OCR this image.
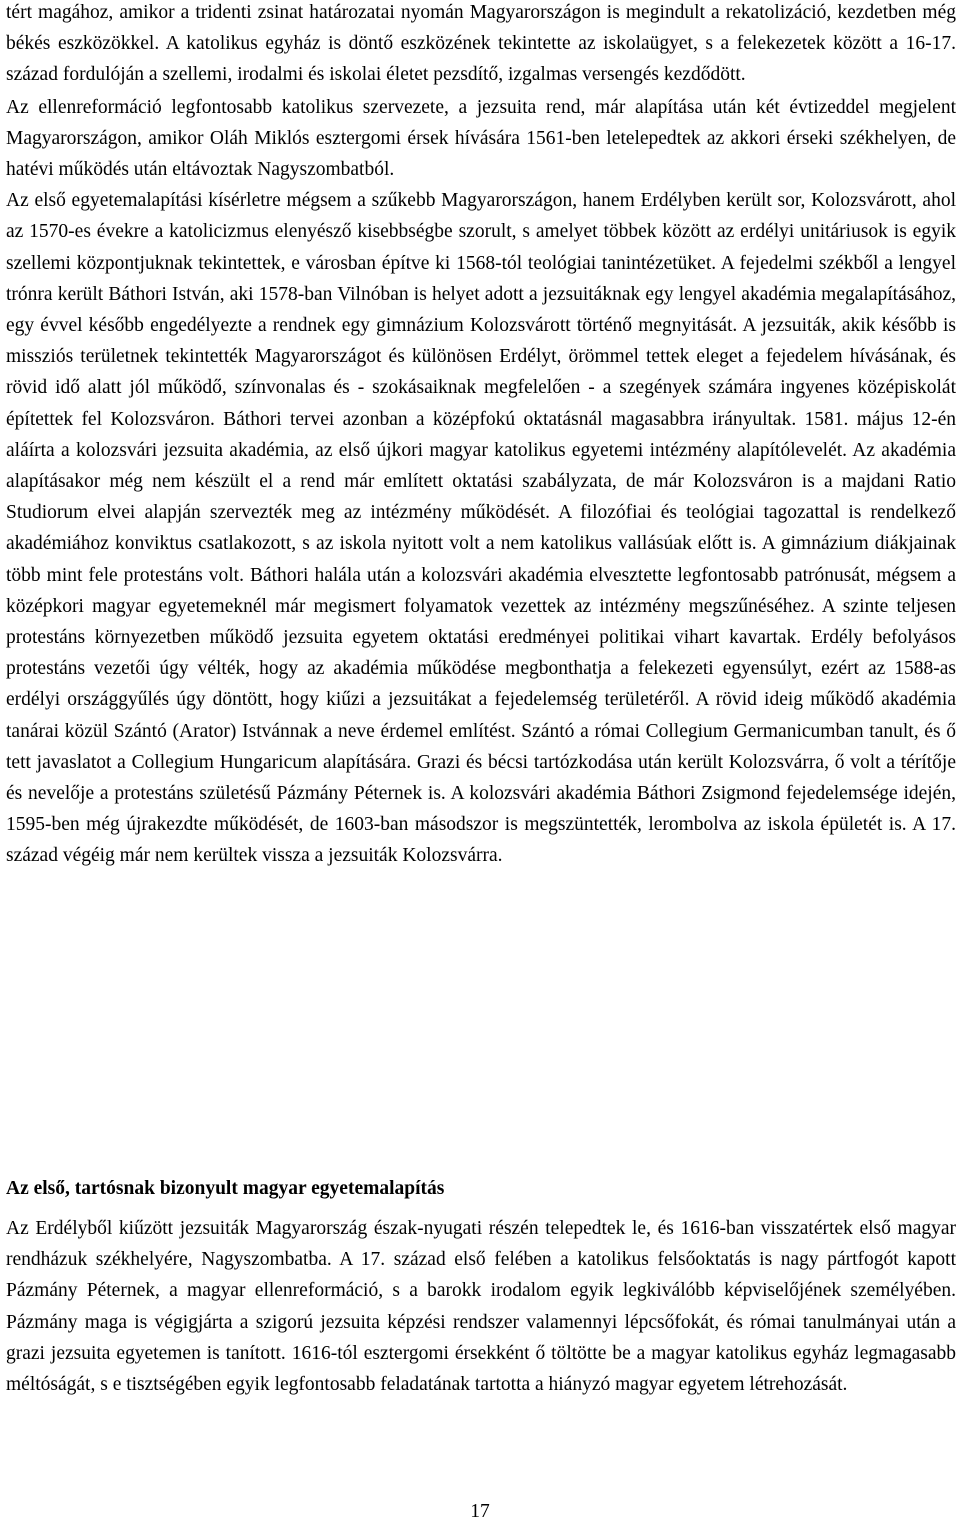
tért magához, amikor a tridenti zsinat határozatai nyomán Magyarországon is megindult a rekatolizáció, kezdetben még békés eszközökkel. A katolikus egyház is döntő eszközének tekintette az iskolaügyet, s a felekezetek között a 16-17. század fordulóján a szellemi, irodalmi és iskolai életet pezsdítő, izgalmas versengés kezdődött.

Az ellenreformáció legfontosabb katolikus szervezete, a jezsuita rend, már alapítása után két évtizeddel megjelent Magyarországon, amikor Oláh Miklós esztergomi érsek hívására 1561-ben letelepedtek az akkori érseki székhelyen, de hatévi működés után eltávoztak Nagyszombatból.

Az első egyetemalapítási kísérletre mégsem a szűkebb Magyarországon, hanem Erdélyben került sor, Kolozsvárott, ahol az 1570-es évekre a katolicizmus elenyésző kisebbségbe szorult, s amelyet többek között az erdélyi unitáriusok is egyik szellemi központjuknak tekintettek, e városban építve ki 1568-tól teológiai tanintézetüket. A fejedelmi székből a lengyel trónra került Báthori István, aki 1578-ban Vilnóban is helyet adott a jezsuitáknak egy lengyel akadémia megalapításához, egy évvel később engedélyezte a rendnek egy gimnázium Kolozsvárott történő megnyitását. A jezsuiták, akik később is missziós területnek tekintették Magyarországot és különösen Erdélyt, örömmel tettek eleget a fejedelem hívásának, és rövid idő alatt jól működő, színvonalas és - szokásaiknak megfelelően - a szegények számára ingyenes középiskolát építettek fel Kolozsváron. Báthori tervei azonban a középfokú oktatásnál magasabbra irányultak. 1581. május 12-én aláírta a kolozsvári jezsuita akadémia, az első újkori magyar katolikus egyetemi intézmény alapítólevelét. Az akadémia alapításakor még nem készült el a rend már említett oktatási szabályzata, de már Kolozsváron is a majdani Ratio Studiorum elvei alapján szervezték meg az intézmény működését. A filozófiai és teológiai tagozattal is rendelkező akadémiához konviktus csatlakozott, s az iskola nyitott volt a nem katolikus vallásúak előtt is. A gimnázium diákjainak több mint fele protestáns volt. Báthori halála után a kolozsvári akadémia elvesztette legfontosabb patrónusát, mégsem a középkori magyar egyetemeknél már megismert folyamatok vezettek az intézmény megszűnéséhez. A szinte teljesen protestáns környezetben működő jezsuita egyetem oktatási eredményei politikai vihart kavartak. Erdély befolyásos protestáns vezetői úgy vélték, hogy az akadémia működése megbonthatja a felekezeti egyensúlyt, ezért az 1588-as erdélyi országgyűlés úgy döntött, hogy kiűzi a jezsuitákat a fejedelemség területéről. A rövid ideig működő akadémia tanárai közül Szántó (Arator) Istvánnak a neve érdemel említést. Szántó a római Collegium Germanicumban tanult, és ő tett javaslatot a Collegium Hungaricum alapítására. Grazi és bécsi tartózkodása után került Kolozsvárra, ő volt a térítője és nevelője a protestáns születésű Pázmány Péternek is. A kolozsvári akadémia Báthori Zsigmond fejedelemsége idején, 1595-ben még újrakezdte működését, de 1603-ban másodszor is megszüntették, lerombolva az iskola épületét is. A 17. század végéig már nem kerültek vissza a jezsuiták Kolozsvárra.

Az első, tartósnak bizonyult magyar egyetemalapítás

Az Erdélyből kiűzött jezsuiták Magyarország észak-nyugati részén telepedtek le, és 1616-ban visszatértek első magyar rendházuk székhelyére, Nagyszombatba. A 17. század első felében a katolikus felsőoktatás is nagy pártfogót kapott Pázmány Péternek, a magyar ellenreformáció, s a barokk irodalom egyik legkiválóbb képviselőjének személyében. Pázmány maga is végigjárta a szigorú jezsuita képzési rendszer valamennyi lépcsőfokát, és római tanulmányai után a grazi jezsuita egyetemen is tanított. 1616-tól esztergomi érsekként ő töltötte be a magyar katolikus egyház legmagasabb méltóságát, s e tisztségében egyik legfontosabb feladatának tartotta a hiányzó magyar egyetem létrehozását.

17
